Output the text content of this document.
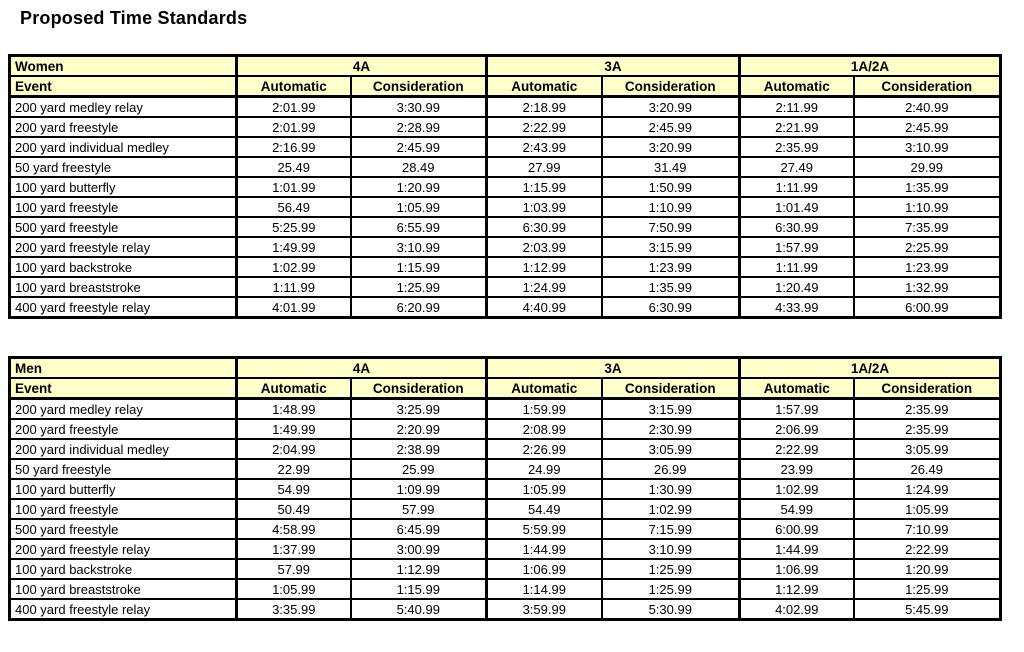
Proposed Time Standards
Women	4A		3A		1A/2A	
Event	Automatic	Consideration	Automatic	Consideration	Automatic	Consideration
200 yard medley relay	2:01.99	3:30.99	2:18.99	3:20.99	2:11.99	2:40.99
200 yard freestyle	2:01.99	2:28.99	2:22.99	2:45.99	2:21.99	2:45.99
200 yard individual medley	2:16.99	2:45.99	2:43.99	3:20.99	2:35.99	3:10.99
50 yard freestyle	25.49	28.49	27.99	31.49	27.49	29.99
100 yard butterfly	1:01.99	1:20.99	1:15.99	1:50.99	1:11.99	1:35.99
100 yard freestyle	56.49	1:05.99	1:03.99	1:10.99	1:01.49	1:10.99
500 yard freestyle	5:25.99	6:55.99	6:30.99	7:50.99	6:30.99	7:35.99
200 yard freestyle relay	1:49.99	3:10.99	2:03.99	3:15.99	1:57.99	2:25.99
100 yard backstroke	1:02.99	1:15.99	1:12.99	1:23.99	1:11.99	1:23.99
100 yard breaststroke	1:11.99	1:25.99	1:24.99	1:35.99	1:20.49	1:32.99
400 yard freestyle relay	4:01.99	6:20.99	4:40.99	6:30.99	4:33.99	6:00.99
Men	4A		3A		1A/2A	
Event	Automatic	Consideration	Automatic	Consideration	Automatic	Consideration
200 yard medley relay	1:48.99	3:25.99	1:59.99	3:15.99	1:57.99	2:35.99
200 yard freestyle	1:49.99	2:20.99	2:08.99	2:30.99	2:06.99	2:35.99
200 yard individual medley	2:04.99	2:38.99	2:26.99	3:05.99	2:22.99	3:05.99
50 yard freestyle	22.99	25.99	24.99	26.99	23.99	26.49
100 yard butterfly	54.99	1:09.99	1:05.99	1:30.99	1:02.99	1:24.99
100 yard freestyle	50.49	57.99	54.49	1:02.99	54.99	1:05.99
500 yard freestyle	4:58.99	6:45.99	5:59.99	7:15.99	6:00.99	7:10.99
200 yard freestyle relay	1:37.99	3:00.99	1:44.99	3:10.99	1:44.99	2:22.99
100 yard backstroke	57.99	1:12.99	1:06.99	1:25.99	1:06.99	1:20.99
100 yard breaststroke	1:05.99	1:15.99	1:14.99	1:25.99	1:12.99	1:25.99
400 yard freestyle relay	3:35.99	5:40.99	3:59.99	5:30.99	4:02.99	5:45.99
